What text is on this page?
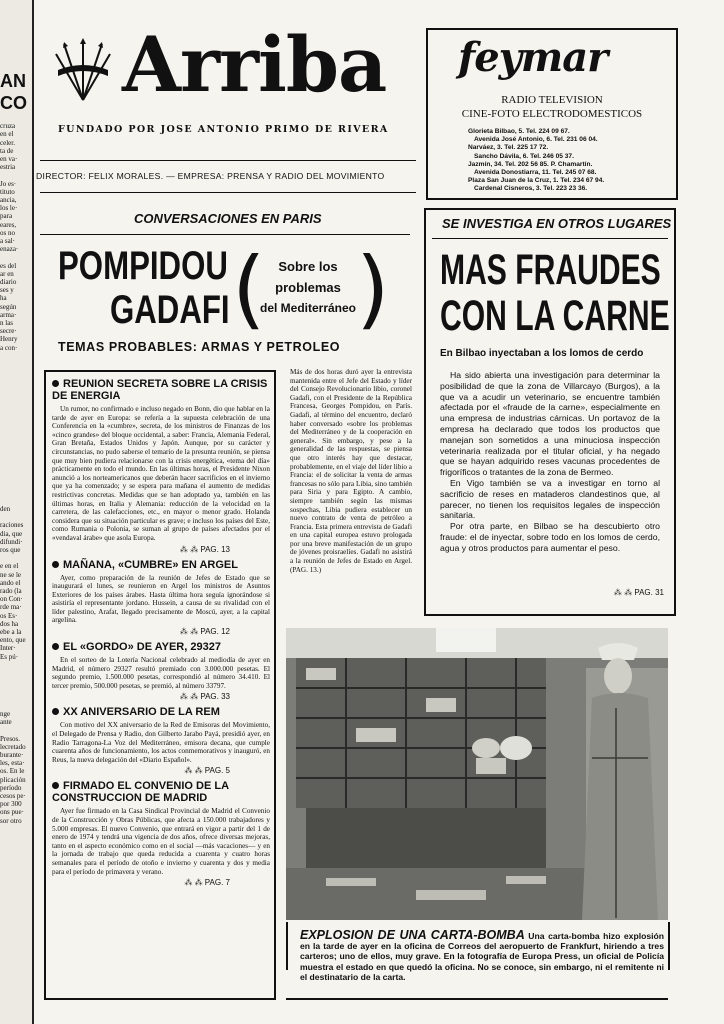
AN
CO

cruza
en el
celer.
ta de
en va·
estria

Jo es·
tituto
ancia,
los le·
para
eares,
os no
a sal·
enaza·

es del
ar en
diario
ses y
ha
según
arma·
n las
secre·
Henry
a con·
den

raciones
dia, que
difundi·
ros que

e en el
ne se le
ando el
rado (la
on Con·
rde ma·
os Es·
dos ha
ebe a la
ento, que
Inter·
Es pú·
nge
ante

Presos.
lecretado
burante·
les, esta·
os. En le
plicación
período
cesos pe·
por 300
ons pue·
sor otro
Arriba
FUNDADO POR JOSE ANTONIO PRIMO DE RIVERA
DIRECTOR: FELIX MORALES. — EMPRESA: PRENSA Y RADIO DEL MOVIMIENTO
feymar
RADIO TELEVISION
CINE-FOTO ELECTRODOMESTICOS
Glorieta Bilbao, 5. Tel. 224 09 67.
Avenida José Antonio, 6. Tel. 231 06 04.
Narváez, 3. Tel. 225 17 72.
Sancho Dávila, 6. Tel. 246 05 37.
Jazmín, 34. Tel. 202 56 85. P. Chamartín.
Avenida Donostiarra, 11. Tel. 245 07 68.
Plaza San Juan de la Cruz, 1. Tel. 234 67 94.
Cardenal Cisneros, 3. Tel. 223 23 36.
CONVERSACIONES EN PARIS
POMPIDOU
GADAFI ( )
Sobre los
problemas
del Mediterráneo
TEMAS PROBABLES: ARMAS Y PETROLEO
REUNION SECRETA SOBRE LA CRISIS DE ENERGIA

Un rumor, no confirmado e incluso negado en Bonn, dio que hablar en la tarde de ayer en Europa: se refería a la supuesta celebración de una Conferencia en la «cumbre», secreta, de los ministros de Finanzas de los «cinco grandes» del bloque occidental, a saber: Francia, Alemania Federal, Gran Bretaña, Estados Unidos y Japón. Aunque, por su carácter y circunstancias, no pudo saberse el temario de la presunta reunión, se piensa que muy bien pudiera relacionarse con la crisis energética, «tema del día» prácticamente en todo el mundo. En las últimas horas, el Presidente Nixon anunció a los norteamericanos que deberán hacer sacrificios en el invierno que ya ha comenzado; y se espera para mañana el aumento de medidas restrictivas concretas. Medidas que se han adoptado ya, también en las últimas horas, en Italia y Alemania: reducción de la velocidad en la carretera, de las calefacciones, etc., en mayor o menor grado. Holanda considera que su situación particular es grave; e incluso los países del Este, como Rumania o Polonia, se suman al grupo de países afectados por el «vendaval árabe» que asola Europa.

⁂ ⁂ PAG. 13
MAÑANA, «CUMBRE» EN ARGEL

Ayer, como preparación de la reunión de Jefes de Estado que se inaugurará el lunes, se reunieron en Argel los ministros de Asuntos Exteriores de los países árabes. Hasta última hora seguía ignorándose si asistiría el representante jordano. Hussein, a causa de su rivalidad con el líder palestino, Arafat, llegado precisamente de Moscú, ayer, a la capital argelina.

⁂ ⁂ PAG. 12
EL «GORDO» DE AYER, 29327

En el sorteo de la Lotería Nacional celebrado al mediodía de ayer en Madrid, el número 29327 resultó premiado con 3.000.000 pesetas. El segundo premio, 1.500.000 pesetas, correspondió al número 34.410. El tercer premio, 500.000 pesetas, se premió, al número 33797.

⁂ ⁂ PAG. 33
XX ANIVERSARIO DE LA REM

Con motivo del XX aniversario de la Red de Emisoras del Movimiento, el Delegado de Prensa y Radio, don Gilberto Jarabo Payá, presidió ayer, en Radio Tarragona-La Voz del Mediterráneo, emisora decana, que cumple cuarenta años de funcionamiento, los actos conmemorativos y inauguró, en Reus, la nueva delegación del «Diario Español».

⁂ ⁂ PAG. 5
FIRMADO EL CONVENIO DE LA CONSTRUCCION DE MADRID

Ayer fue firmado en la Casa Sindical Provincial de Madrid el Convenio de la Construcción y Obras Públicas, que afecta a 150.000 trabajadores y 5.000 empresas. El nuevo Convenio, que entrará en vigor a partir del 1 de enero de 1974 y tendrá una vigencia de dos años, ofrece diversas mejoras, tanto en el aspecto económico como en el social —más vacaciones— y en la jornada de trabajo que queda reducida a cuarenta y cuatro horas semanales para el período de otoño e invierno y cuarenta y dos y media para el período de primavera y verano.

⁂ ⁂ PAG. 7
Más de dos horas duró ayer la entrevista mantenida entre el Jefe del Estado y líder del Consejo Revolucionario libio, coronel Gadafi, con el Presidente de la República Francesa, Georges Pompidou, en París. Gadafi, al término del encuentro, declaró haber conversado «sobre los problemas del Mediterráneo y de la cooperación en general». Sin embargo, y pese a la generalidad de las respuestas, se piensa que otro interés hay que destacar, probablemente, en el viaje del líder libio a Francia: el de solicitar la venta de armas francesas no sólo para Libia, sino también para Siria y para Egipto. A cambio, siempre también según las mismas sospechas, Libia pudiera establecer un nuevo contrato de venta de petróleo a Francia. Esta primera entrevista de Gadafi en una capital europea estuvo prologada por una breve manifestación de un grupo de jóvenes proisraelíes. Gadafi no asistirá a la reunión de Jefes de Estado en Argel. (PAG. 13.)
SE INVESTIGA EN OTROS LUGARES
MAS FRAUDES
CON LA CARNE
En Bilbao inyectaban a los lomos de cerdo

Ha sido abierta una investigación para determinar la posibilidad de que la zona de Villarcayo (Burgos), a la que va a acudir un veterinario, se encuentre también afectada por el «fraude de la carne», especialmente en una empresa de industrias cárnicas. Un portavoz de la empresa ha declarado que todos los productos que manejan son sometidos a una minuciosa inspección veterinaria realizada por el titular oficial, y ha negado que se hayan adquirido reses vacunas procedentes de frigoríficos o tratantes de la zona de Bermeo.

En Vigo también se va a investigar en torno al sacrificio de reses en mataderos clandestinos que, al parecer, no tienen los requisitos legales de inspección sanitaria.

Por otra parte, en Bilbao se ha descubierto otro fraude: el de inyectar, sobre todo en los lomos de cerdo, agua y otros productos para aumentar el peso.

⁂ ⁂ PAG. 31
EXPLOSION DE UNA CARTA-BOMBA Una carta-bomba hizo explosión en la tarde de ayer en la oficina de Correos del aeropuerto de Frankfurt, hiriendo a tres carteros; uno de ellos, muy grave. En la fotografía de Europa Press, un oficial de Policía muestra el estado en que quedó la oficina. No se conoce, sin embargo, ni el remitente ni el destinatario de la carta.
